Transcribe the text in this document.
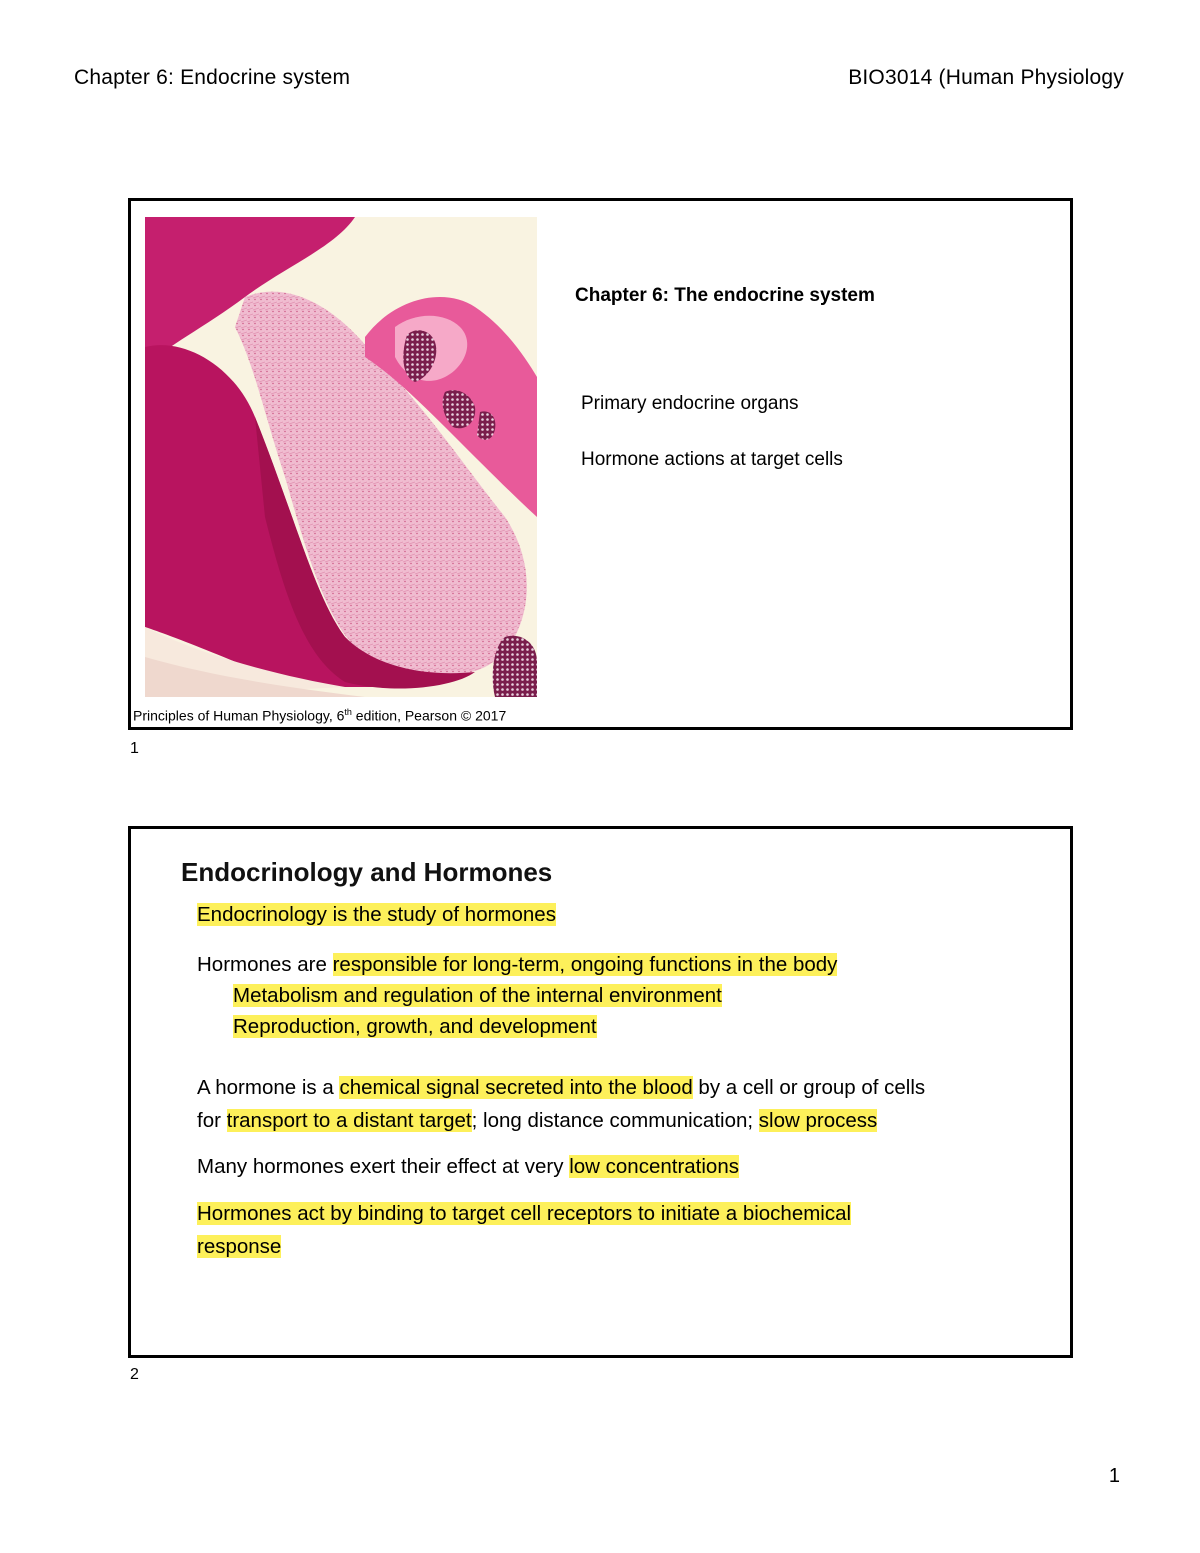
Chapter 6: Endocrine system	BIO3014 (Human Physiology
Chapter 6: The endocrine system
Primary endocrine organs
Hormone actions at target cells
Principles of Human Physiology, 6th edition, Pearson © 2017
1
Endocrinology and Hormones
Endocrinology is the study of hormones
Hormones are responsible for long-term, ongoing functions in the body
Metabolism and regulation of the internal environment
Reproduction, growth, and development
A hormone is a chemical signal secreted into the blood by a cell or group of cells
for transport to a distant target; long distance communication; slow process
Many hormones exert their effect at very low concentrations
Hormones act by binding to target cell receptors to initiate a biochemical
response
2
1
